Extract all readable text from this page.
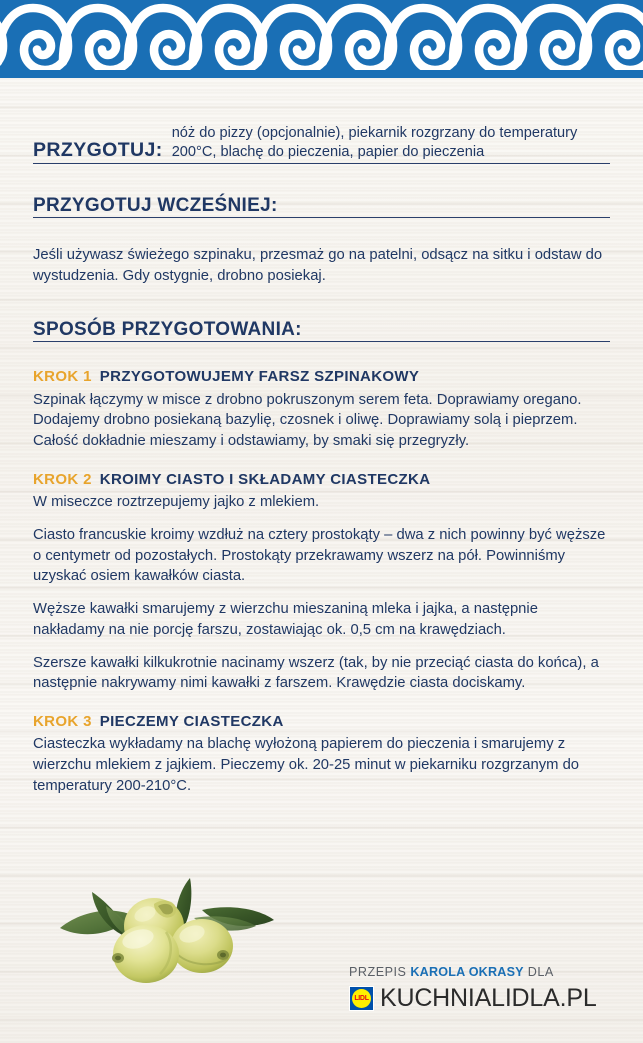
PRZYGOTUJ:
nóż do pizzy (opcjonalnie), piekarnik rozgrzany do temperatury 200°C, blachę do pieczenia, papier do pieczenia
PRZYGOTUJ WCZEŚNIEJ:

Jeśli używasz świeżego szpinaku, przesmaż go na patelni, odsącz na sitku i odstaw do wystudzenia. Gdy ostygnie, drobno posiekaj.

SPOSÓB PRZYGOTOWANIA:
KROK 1 PRZYGOTOWUJEMY FARSZ SZPINAKOWY

Szpinak łączymy w misce z drobno pokruszonym serem feta. Doprawiamy oregano. Dodajemy drobno posiekaną bazylię, czosnek i oliwę. Doprawiamy solą i pieprzem. Całość dokładnie mieszamy i odstawiamy, by smaki się przegryzły.

KROK 2 KROIMY CIASTO I SKŁADAMY CIASTECZKA

W miseczce roztrzepujemy jajko z mlekiem.

Ciasto francuskie kroimy wzdłuż na cztery prostokąty – dwa z nich powinny być węższe o centymetr od pozostałych. Prostokąty przekrawamy wszerz na pół. Powinniśmy uzyskać osiem kawałków ciasta.

Węższe kawałki smarujemy z wierzchu mieszaniną mleka i jajka, a następnie nakładamy na nie porcję farszu, zostawiając ok. 0,5 cm na krawędziach.

Szersze kawałki kilkukrotnie nacinamy wszerz (tak, by nie przeciąć ciasta do końca), a następnie nakrywamy nimi kawałki z farszem. Krawędzie ciasta dociskamy.

KROK 3 PIECZEMY CIASTECZKA

Ciasteczka wykładamy na blachę wyłożoną papierem do pieczenia i smarujemy z wierzchu mlekiem z jajkiem. Pieczemy ok. 20-25 minut w piekarniku rozgrzanym do temperatury 200-210°C.

PRZEPIS KAROLA OKRASY DLA
LIDL KUCHNIALIDLA.PL
